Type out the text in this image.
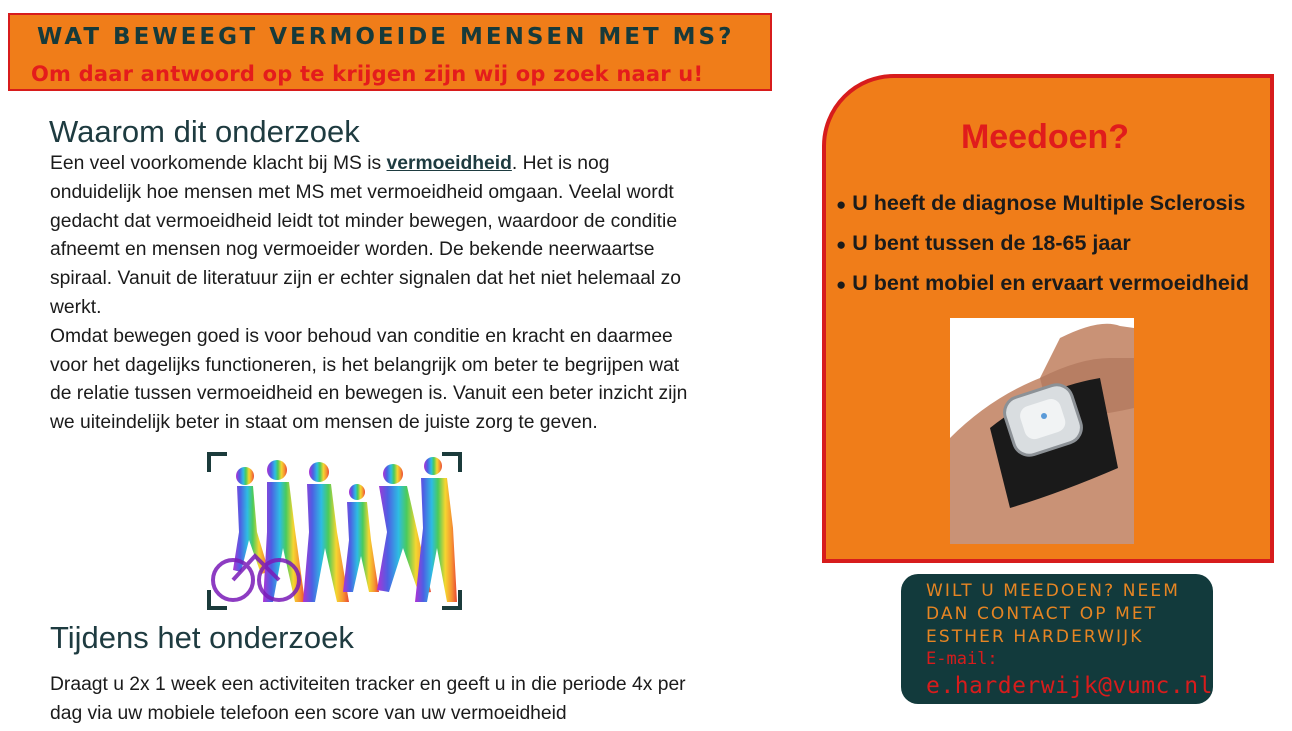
WAT BEWEEGT VERMOEIDE MENSEN MET MS?
Om daar antwoord op te krijgen zijn wij op zoek naar u!
Waarom dit onderzoek

Een veel voorkomende klacht bij MS is vermoeidheid. Het is nog onduidelijk hoe mensen met MS met vermoeidheid omgaan. Veelal wordt gedacht dat vermoeidheid leidt tot minder bewegen, waardoor de conditie afneemt en mensen nog vermoeider worden. De bekende neerwaartse spiraal. Vanuit de literatuur zijn er echter signalen dat het niet helemaal zo werkt.

Omdat bewegen goed is voor behoud van conditie en kracht en daarmee voor het dagelijks functioneren, is het belangrijk om beter te begrijpen wat de relatie tussen vermoeidheid en bewegen is. Vanuit een beter inzicht zijn we uiteindelijk beter in staat om mensen de juiste zorg te geven.

Tijdens het onderzoek
Draagt u 2x 1 week een activiteiten tracker en geeft u in die periode 4x per dag via uw mobiele telefoon een score van uw vermoeidheid
Meedoen?
● U heeft de diagnose Multiple Sclerosis
● U bent tussen de 18-65 jaar
● U bent mobiel en ervaart vermoeidheid
WILT U MEEDOEN? NEEM
DAN CONTACT OP MET
ESTHER HARDERWIJK
E-mail:
e.harderwijk@vumc.nl
